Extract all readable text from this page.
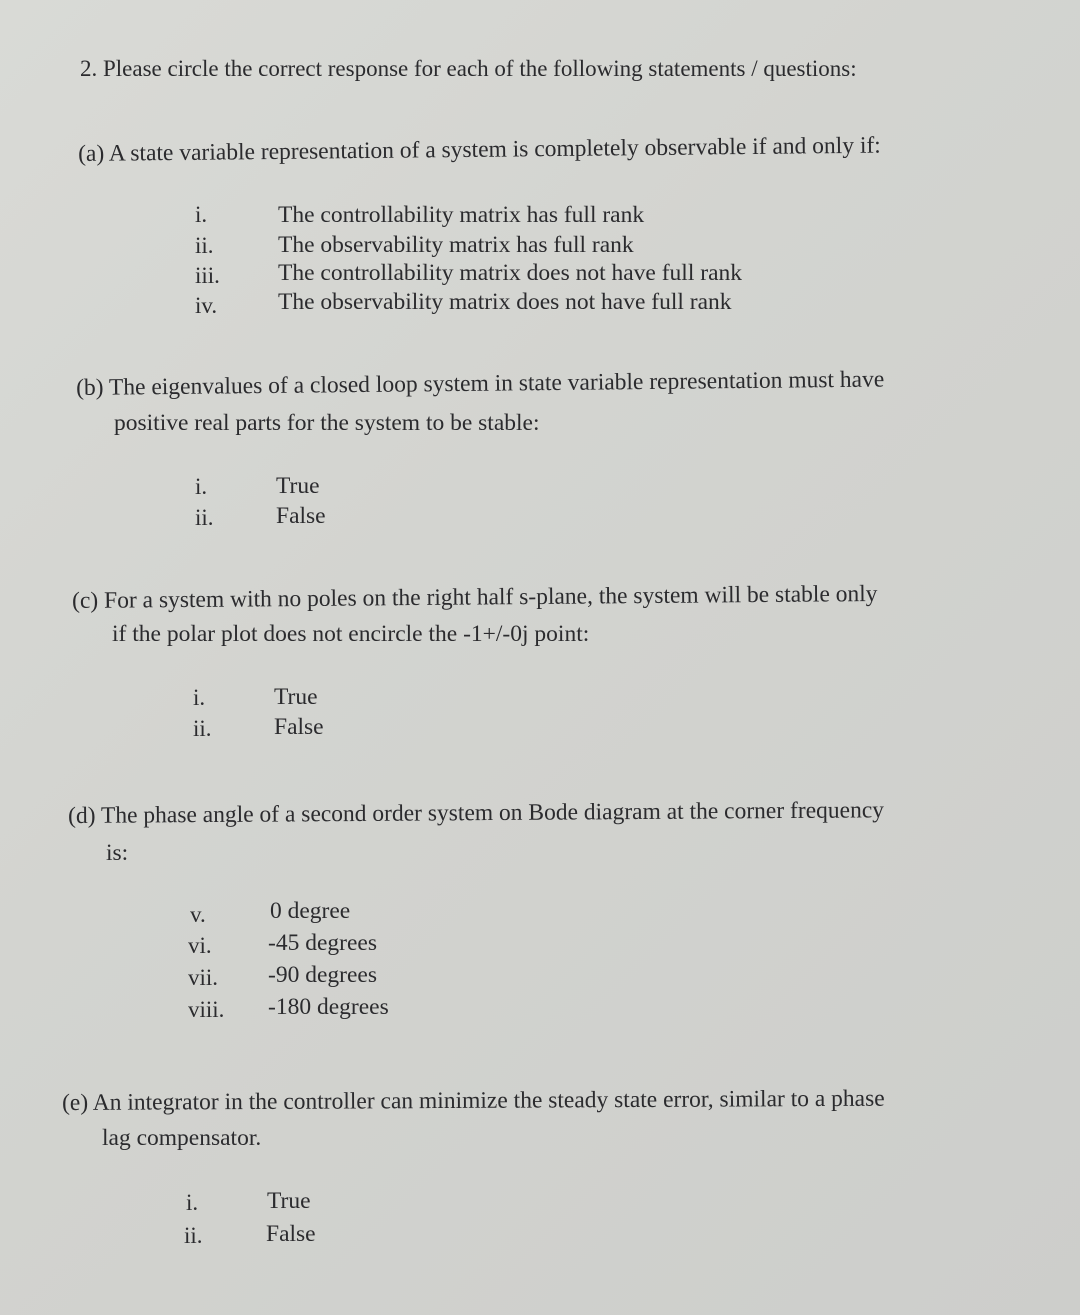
2. Please circle the correct response for each of the following statements / questions:
(a) A state variable representation of a system is completely observable if and only if:
i.	The controllability matrix has full rank
ii.	The observability matrix has full rank
iii. The controllability matrix does not have full rank
iv.	The observability matrix does not have full rank
(b) The eigenvalues of a closed loop system in state variable representation must have
positive real parts for the system to be stable:
i.	True
ii.	False
(c) For a system with no poles on the right half s-plane, the system will be stable only
if the polar plot does not encircle the -1+/-0j point:
i.	True
ii.	False
(d) The phase angle of a second order system on Bode diagram at the corner frequency
is:
v.	0 degree
vi. -45 degrees
vii. -90 degrees
viii. -180 degrees
(e) An integrator in the controller can minimize the steady state error, similar to a phase
lag compensator.
i.	True
ii.	False
